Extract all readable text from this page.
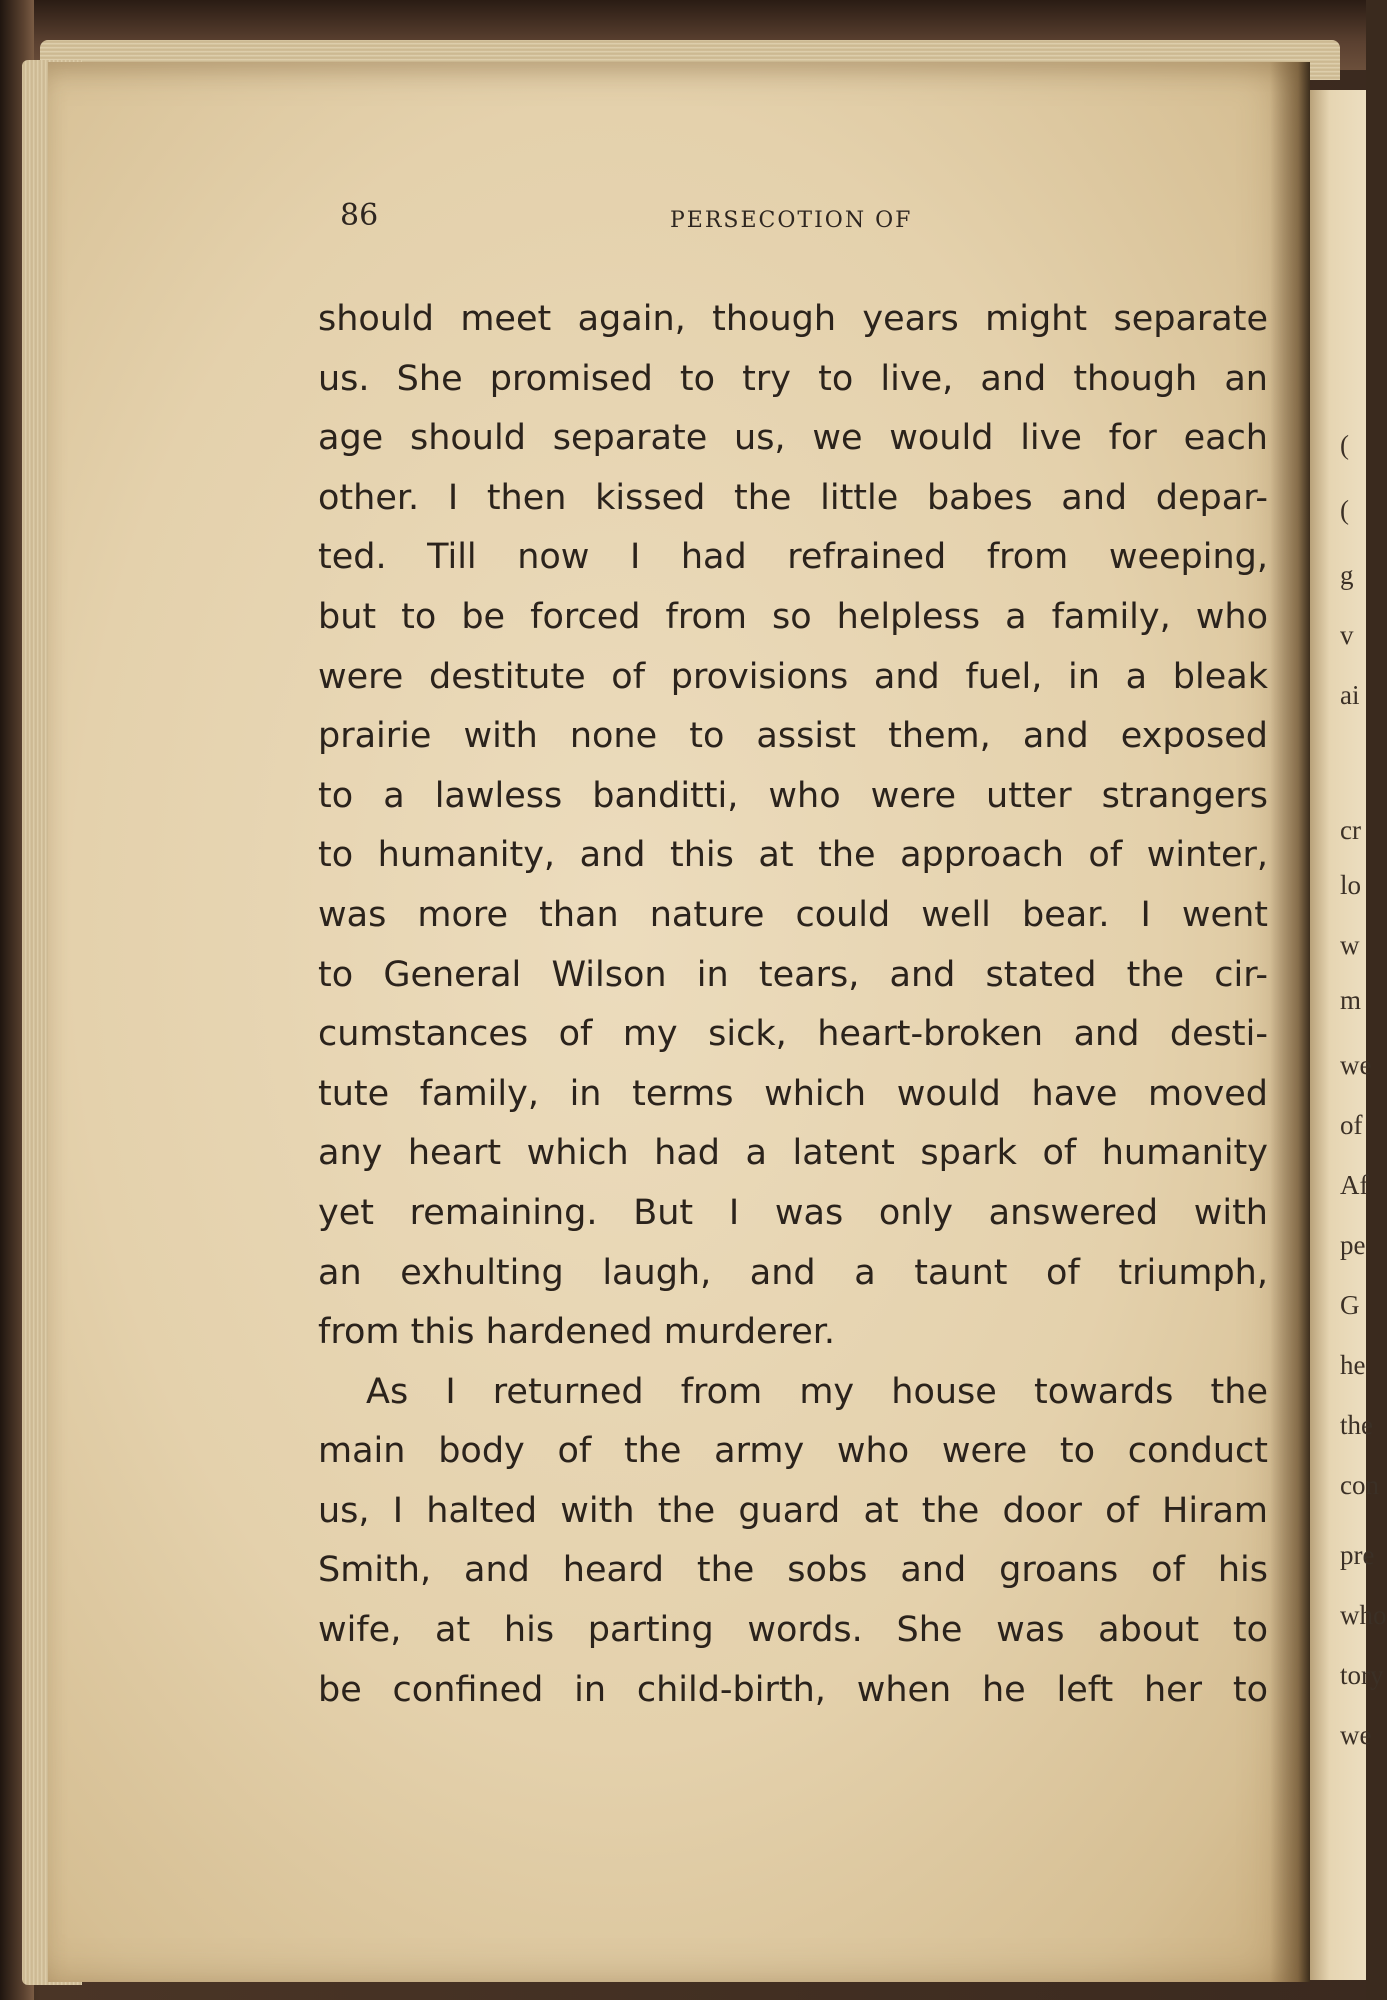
(
(
g
v
ai
cr
lo
w
m
we
of
Af
pe
G
he
the
con
pre
who
tory
we
86	PERSECOTION OF
should meet again, though years might separate
us. She promised to try to live, and though an
age should separate us, we would live for each
other. I then kissed the little babes and depar-
ted. Till now I had refrained from weeping,
but to be forced from so helpless a family, who
were destitute of provisions and fuel, in a bleak
prairie with none to assist them, and exposed
to a lawless banditti, who were utter strangers
to humanity, and this at the approach of winter,
was more than nature could well bear. I went
to General Wilson in tears, and stated the cir-
cumstances of my sick, heart-broken and desti-
tute family, in terms which would have moved
any heart which had a latent spark of humanity
yet remaining. But I was only answered with
an exhulting laugh, and a taunt of triumph,
from this hardened murderer.
As I returned from my house towards the
main body of the army who were to conduct
us, I halted with the guard at the door of Hiram
Smith, and heard the sobs and groans of his
wife, at his parting words. She was about to
be confined in child-birth, when he left her to
